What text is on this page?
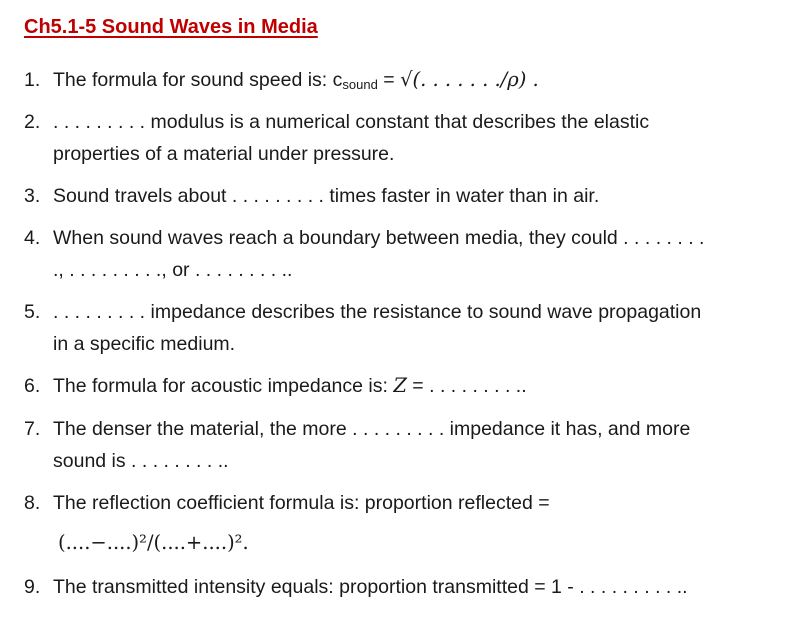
Ch5.1-5 Sound Waves in Media
1. The formula for sound speed is: $c_{sound}$ = √(. . . . . . ./ρ) .
2. . . . . . . . . . modulus is a numerical constant that describes the elastic
properties of a material under pressure.
3. Sound travels about . . . . . . . . . times faster in water than in air.
4. When sound waves reach a boundary between media, they could . . . . . . . .
., . . . . . . . . ., or . . . . . . . . ..
5. . . . . . . . . . impedance describes the resistance to sound wave propagation
in a specific medium.
6. The formula for acoustic impedance is: Z = . . . . . . . . ..
7. The denser the material, the more . . . . . . . . . impedance it has, and more
sound is . . . . . . . . ..
8. The reflection coefficient formula is: proportion reflected =
(....−....)²/(....+....)².
9. The transmitted intensity equals: proportion transmitted = 1 - . . . . . . . . . ..
